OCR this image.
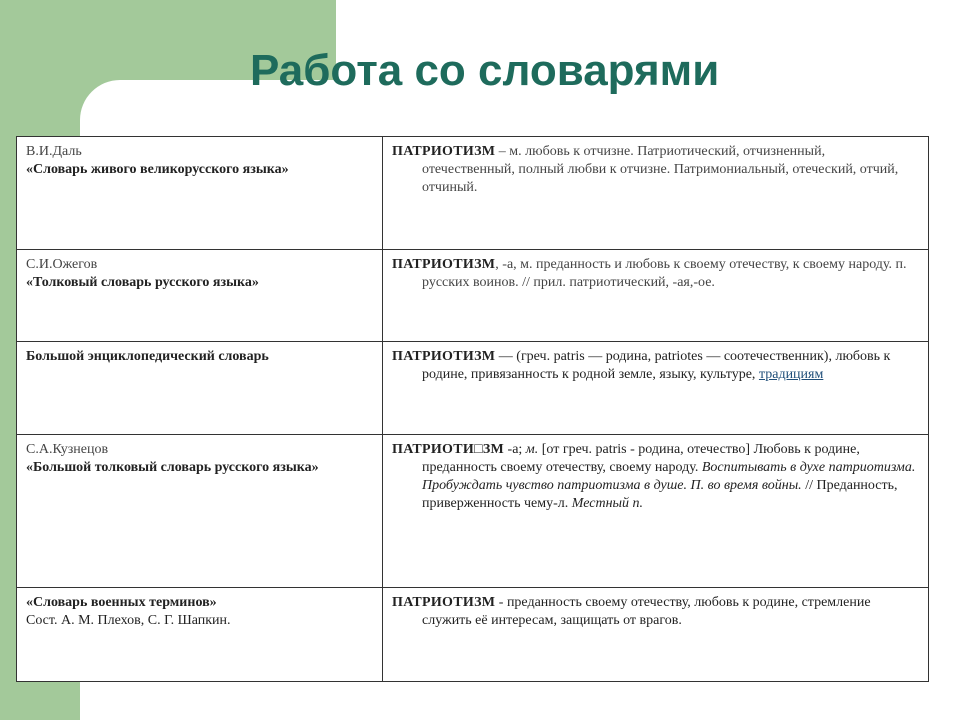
Работа со словарями
В.И.Даль
«Словарь живого великорусского языка»	ПАТРИОТИЗМ – м. любовь к отчизне. Патриотический, отчизненный, отечественный, полный любви к отчизне. Патримониальный, отеческий, отчий, отчиный.

С.И.Ожегов
«Толковый словарь русского языка»	ПАТРИОТИЗМ, -а, м. преданность и любовь к своему отечеству, к своему народу. п. русских воинов. // прил. патриотический, -ая,-ое.

Большой энциклопедический словарь	ПАТРИОТИЗМ — (греч. patris — родина, patriotes — соотечественник), любовь к родине, привязанность к родной земле, языку, культуре, традициям

С.А.Кузнецов
«Большой толковый словарь русского языка»	ПАТРИОТИ□ЗМ -а; м. [от греч. patris - родина, отечество] Любовь к родине, преданность своему отечеству, своему народу. Воспитывать в духе патриотизма. Пробуждать чувство патриотизма в душе. П. во время войны. // Преданность, приверженность чему-л. Местный п.

«Словарь военных терминов»
Сост. А. М. Плехов, С. Г. Шапкин.	ПАТРИОТИЗМ - преданность своему отечеству, любовь к родине, стремление служить её интересам, защищать от врагов.
